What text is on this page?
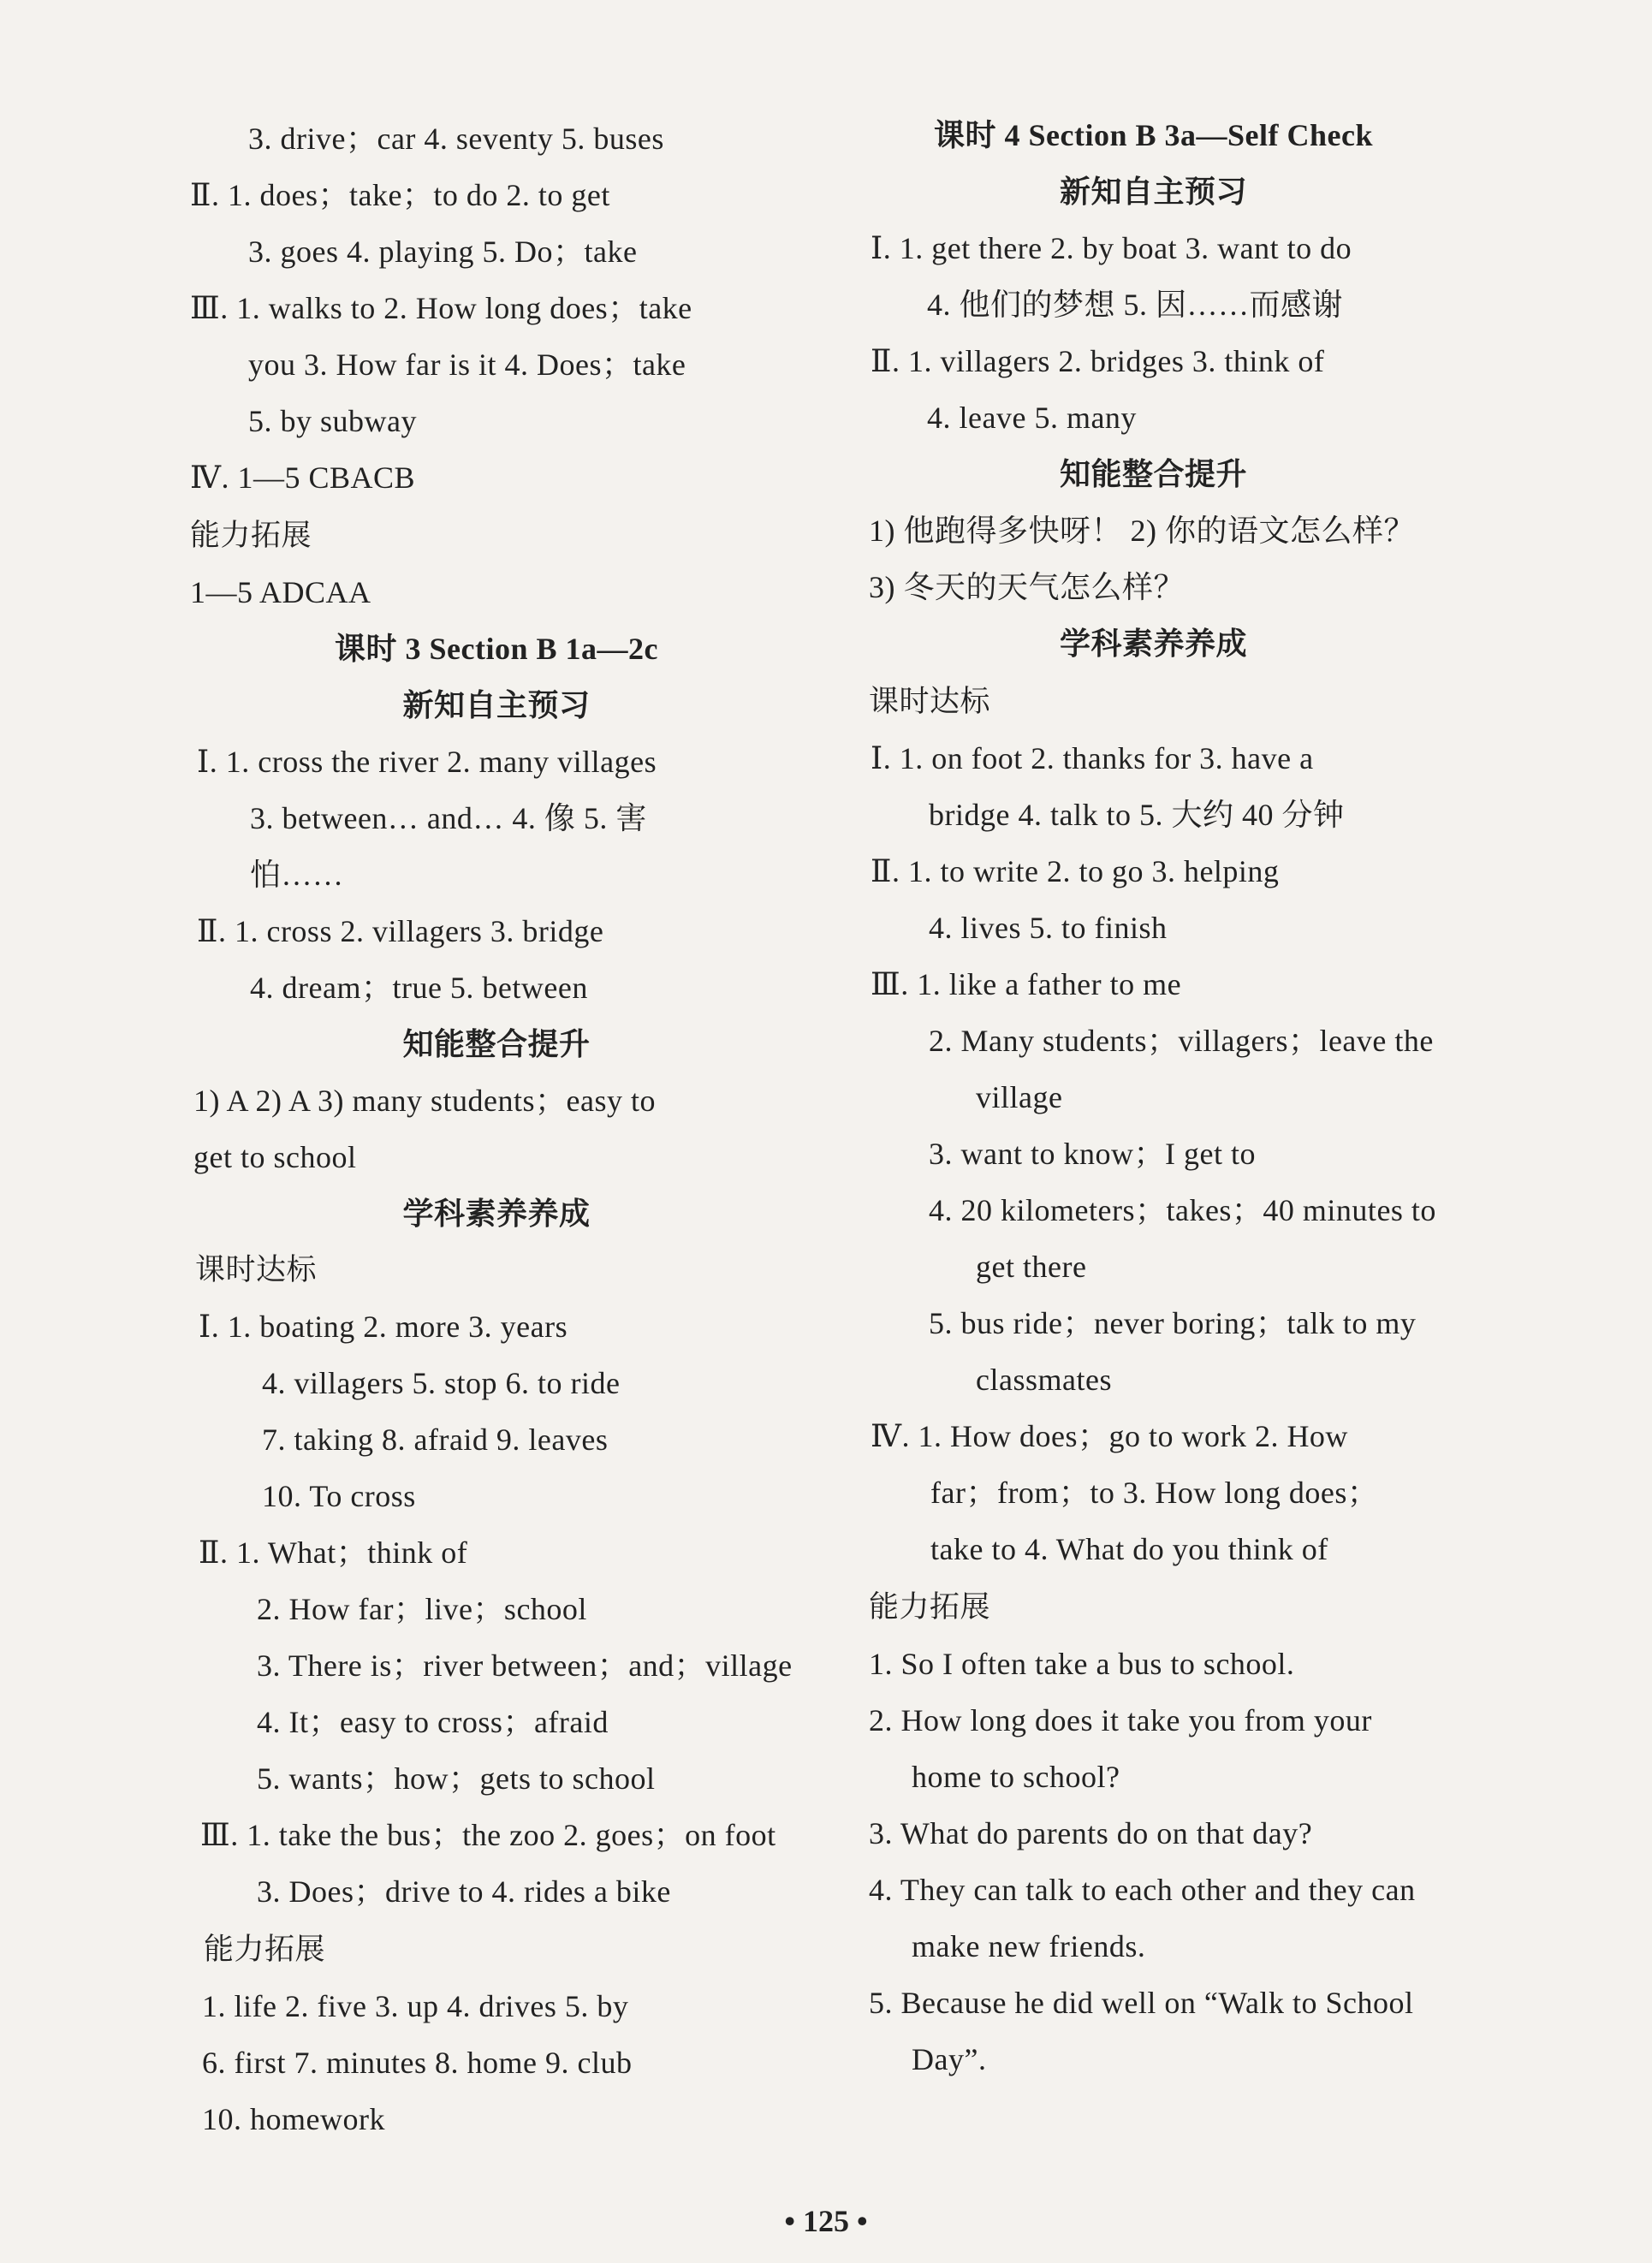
3. drive；car 4. seventy 5. buses
Ⅱ. 1. does；take；to do 2. to get
3. goes 4. playing 5. Do；take
Ⅲ. 1. walks to 2. How long does；take
you 3. How far is it 4. Does；take
5. by subway
Ⅳ. 1—5 CBACB
能力拓展
1—5 ADCAA
课时 3 Section B 1a—2c
新知自主预习
Ⅰ. 1. cross the river 2. many villages
3. between… and… 4. 像 5. 害
怕……
Ⅱ. 1. cross 2. villagers 3. bridge
4. dream；true 5. between
知能整合提升
1) A 2) A 3) many students；easy to
get to school
学科素养养成
课时达标
Ⅰ. 1. boating 2. more 3. years
4. villagers 5. stop 6. to ride
7. taking 8. afraid 9. leaves
10. To cross
Ⅱ. 1. What；think of
2. How far；live；school
3. There is；river between；and；village
4. It；easy to cross；afraid
5. wants；how；gets to school
Ⅲ. 1. take the bus；the zoo 2. goes；on foot
3. Does；drive to 4. rides a bike
能力拓展
1. life 2. five 3. up 4. drives 5. by
6. first 7. minutes 8. home 9. club
10. homework
课时 4 Section B 3a—Self Check
新知自主预习
Ⅰ. 1. get there 2. by boat 3. want to do
4. 他们的梦想 5. 因……而感谢
Ⅱ. 1. villagers 2. bridges 3. think of
4. leave 5. many
知能整合提升
1) 他跑得多快呀！ 2) 你的语文怎么样？
3) 冬天的天气怎么样？
学科素养养成
课时达标
Ⅰ. 1. on foot 2. thanks for 3. have a
bridge 4. talk to 5. 大约 40 分钟
Ⅱ. 1. to write 2. to go 3. helping
4. lives 5. to finish
Ⅲ. 1. like a father to me
2. Many students；villagers；leave the
village
3. want to know；I get to
4. 20 kilometers；takes；40 minutes to
get there
5. bus ride；never boring；talk to my
classmates
Ⅳ. 1. How does；go to work 2. How
far；from；to 3. How long does；
take to 4. What do you think of
能力拓展
1. So I often take a bus to school.
2. How long does it take you from your
home to school?
3. What do parents do on that day?
4. They can talk to each other and they can
make new friends.
5. Because he did well on “Walk to School
Day”.
• 125 •
